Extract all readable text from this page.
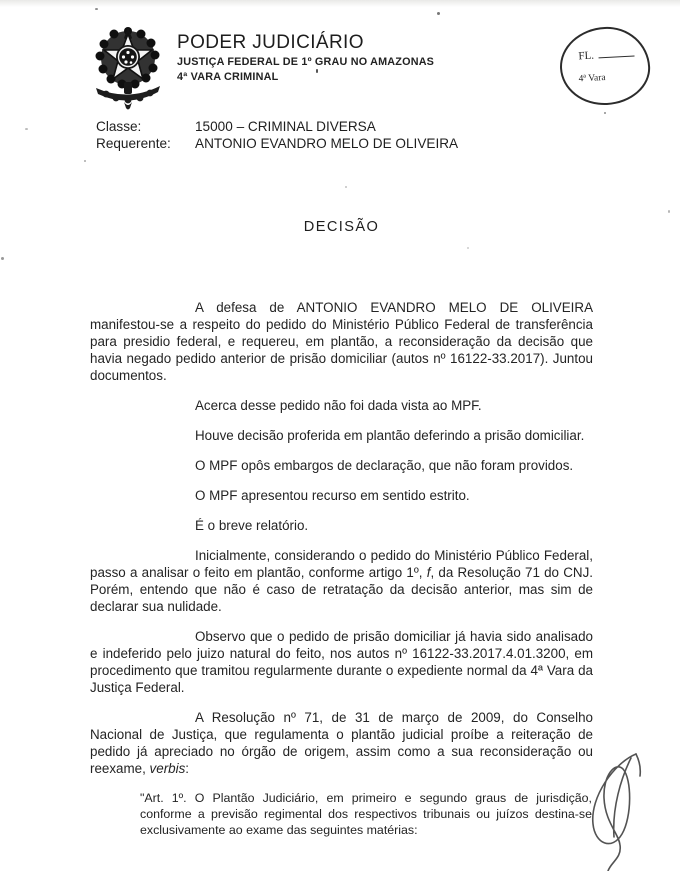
PODER JUDICIÁRIO
JUSTIÇA FEDERAL DE 1º GRAU NO AMAZONAS
4ª VARA CRIMINAL
FL.
4ª Vara
Classe:	15000 – CRIMINAL DIVERSA
Requerente:	ANTONIO EVANDRO MELO DE OLIVEIRA
DECISÃO

A defesa de ANTONIO EVANDRO MELO DE OLIVEIRA manifestou-se a respeito do pedido do Ministério Público Federal de transferência para presidio federal, e requereu, em plantão, a reconsideração da decisão que havia negado pedido anterior de prisão domiciliar (autos nº 16122-33.2017). Juntou documentos.

Acerca desse pedido não foi dada vista ao MPF.

Houve decisão proferida em plantão deferindo a prisão domiciliar.

O MPF opôs embargos de declaração, que não foram providos.

O MPF apresentou recurso em sentido estrito.

É o breve relatório.

Inicialmente, considerando o pedido do Ministério Público Federal, passo a analisar o feito em plantão, conforme artigo 1º, f, da Resolução 71 do CNJ. Porém, entendo que não é caso de retratação da decisão anterior, mas sim de declarar sua nulidade.

Observo que o pedido de prisão domiciliar já havia sido analisado e indeferido pelo juizo natural do feito, nos autos nº 16122-33.2017.4.01.3200, em procedimento que tramitou regularmente durante o expediente normal da 4ª Vara da Justiça Federal.

A Resolução nº 71, de 31 de março de 2009, do Conselho Nacional de Justiça, que regulamenta o plantão judicial proíbe a reiteração de pedido já apreciado no órgão de origem, assim como a sua reconsideração ou reexame, verbis:

"Art. 1º. O Plantão Judiciário, em primeiro e segundo graus de jurisdição, conforme a previsão regimental dos respectivos tribunais ou juízos destina-se exclusivamente ao exame das seguintes matérias:
